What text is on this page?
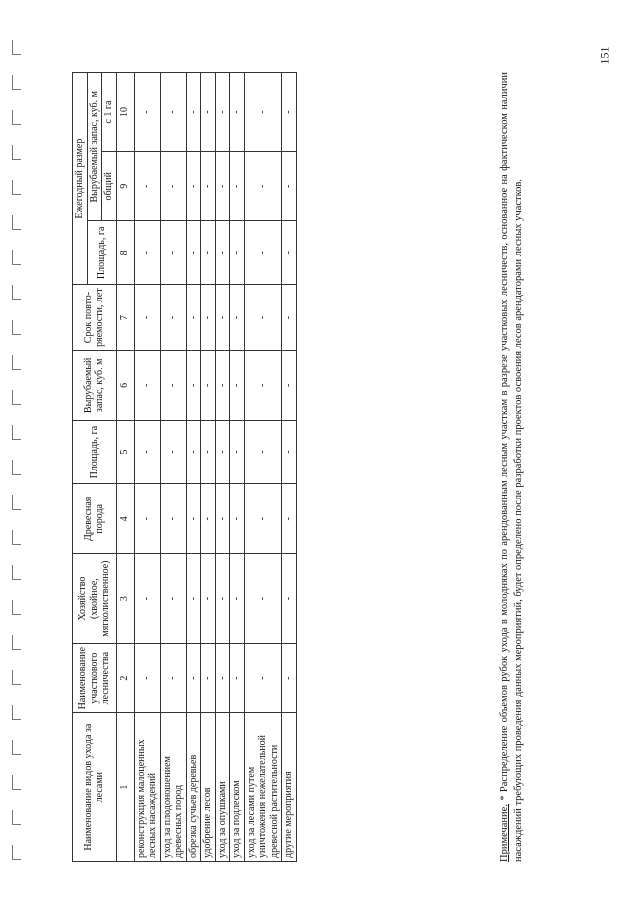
151
Наименование видов ухода за лесами	Наименование участкового лесничества	Хозяйство (хвойное, мягколиственное)	Древесная порода	Площадь, га	Вырубаемый запас, куб. м	Срок повто-ряемости, лет	Ежегодный размер		
							Площадь, га	Вырубаемый запас, куб. м	
								общий	с 1 га
1	2	3	4	5	6	7	8	9	10
реконструкция малоценных лесных насаждений	-	-	-	-	-	-	-	-	-
уход за плодоношением древесных пород	-	-	-	-	-	-	-	-	-
обрезка сучьев деревьев	-	-	-	-	-	-	-	-	-
удобрение лесов	-	-	-	-	-	-	-	-	-
уход за опушками	-	-	-	-	-	-	-	-	-
уход за подлеском	-	-	-	-	-	-	-	-	-
уход за лесами путем уничтожения нежелательной древесной растительности	-	-	-	-	-	-	-	-	-
другие мероприятия	-	-	-	-	-	-	-	-	-

Примечание. * Распределение объемов рубок ухода в молодняках по арендованным лесным участкам в разрезе участковых лесничеств, основанное на фактическом наличии насаждений требующих проведения данных мероприятий, будет определено после разработки проектов освоения лесов арендаторами лесных участков.
